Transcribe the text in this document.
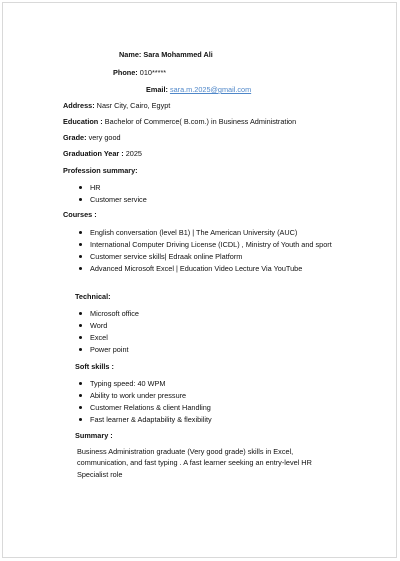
Name: Sara Mohammed Ali
Phone: 010*****
Email: sara.m.2025@gmail.com
Address: Nasr City, Cairo, Egypt
Education : Bachelor of Commerce( B.com.) in Business Administration
Grade: very good
Graduation Year : 2025
Profession summary:
HR
Customer service
Courses :
English conversation (level B1) | The American University (AUC)
International Computer Driving License (ICDL) , Ministry of Youth and sport
Customer service skills| Edraak online Platform
Advanced Microsoft Excel | Education Video Lecture Via YouTube
Technical:
Microsoft office
Word
Excel
Power point
Soft skills :
Typing speed: 40 WPM
Ability to work under pressure
Customer Relations & client Handling
Fast learner & Adaptability & flexibility
Summary :
Business Administration graduate (Very good grade) skills in Excel, communication, and fast typing . A fast learner seeking an entry-level HR Specialist role
